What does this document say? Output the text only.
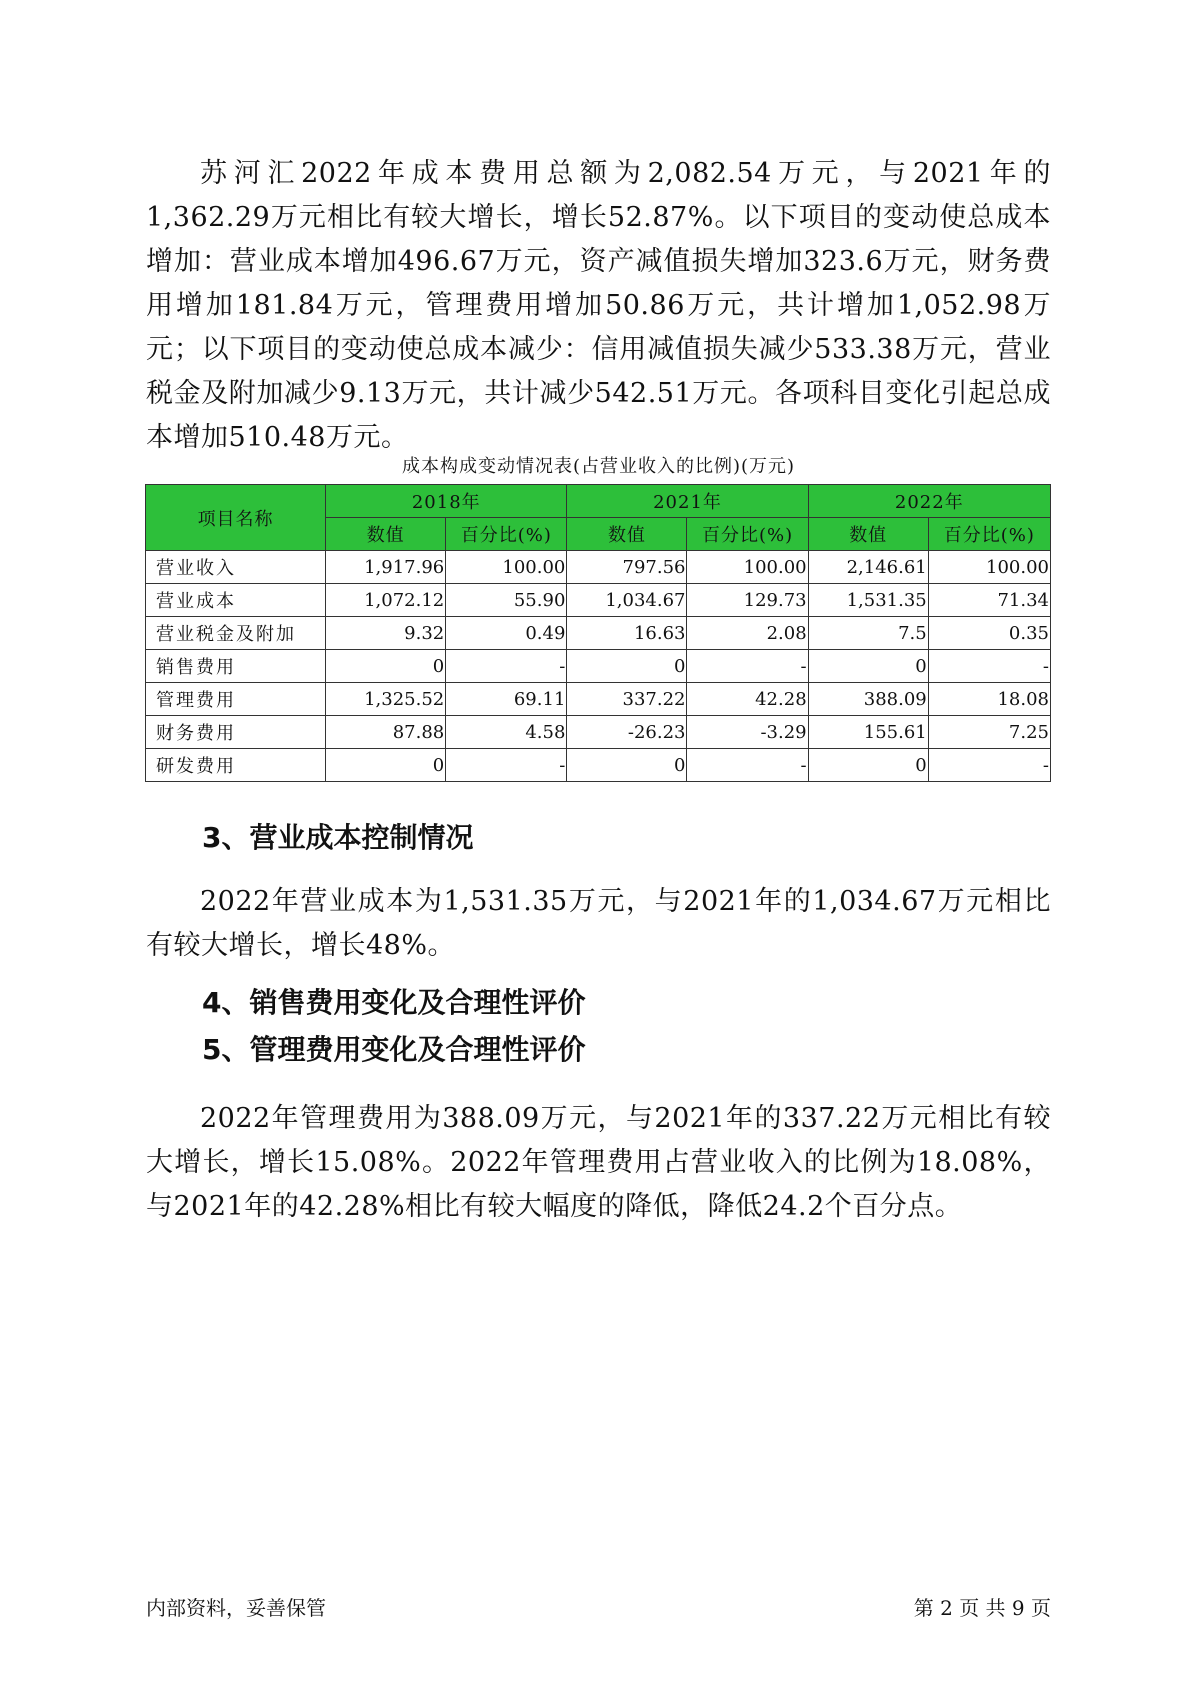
苏河汇2022年成本费用总额为2,082.54万元，与2021年的1,362.29万元相比有较大增长，增长52.87%。以下项目的变动使总成本增加：营业成本增加496.67万元，资产减值损失增加323.6万元，财务费用增加181.84万元，管理费用增加50.86万元，共计增加1,052.98万元；以下项目的变动使总成本减少：信用减值损失减少533.38万元，营业税金及附加减少9.13万元，共计减少542.51万元。各项科目变化引起总成本增加510.48万元。

成本构成变动情况表(占营业收入的比例)(万元)
项目名称	2018年		2021年		2022年	
	数值	百分比(%)	数值	百分比(%)	数值	百分比(%)
营业收入	1,917.96	100.00	797.56	100.00	2,146.61	100.00
营业成本	1,072.12	55.90	1,034.67	129.73	1,531.35	71.34
营业税金及附加	9.32	0.49	16.63	2.08	7.5	0.35
销售费用	0	-	0	-	0	-
管理费用	1,325.52	69.11	337.22	42.28	388.09	18.08
财务费用	87.88	4.58	-26.23	-3.29	155.61	7.25
研发费用	0	-	0	-	0	-
3、营业成本控制情况

2022年营业成本为1,531.35万元，与2021年的1,034.67万元相比有较大增长，增长48%。

4、销售费用变化及合理性评价
5、管理费用变化及合理性评价

2022年管理费用为388.09万元，与2021年的337.22万元相比有较大增长，增长15.08%。2022年管理费用占营业收入的比例为18.08%，与2021年的42.28%相比有较大幅度的降低，降低24.2个百分点。

内部资料，妥善保管	第 2 页 共 9 页
